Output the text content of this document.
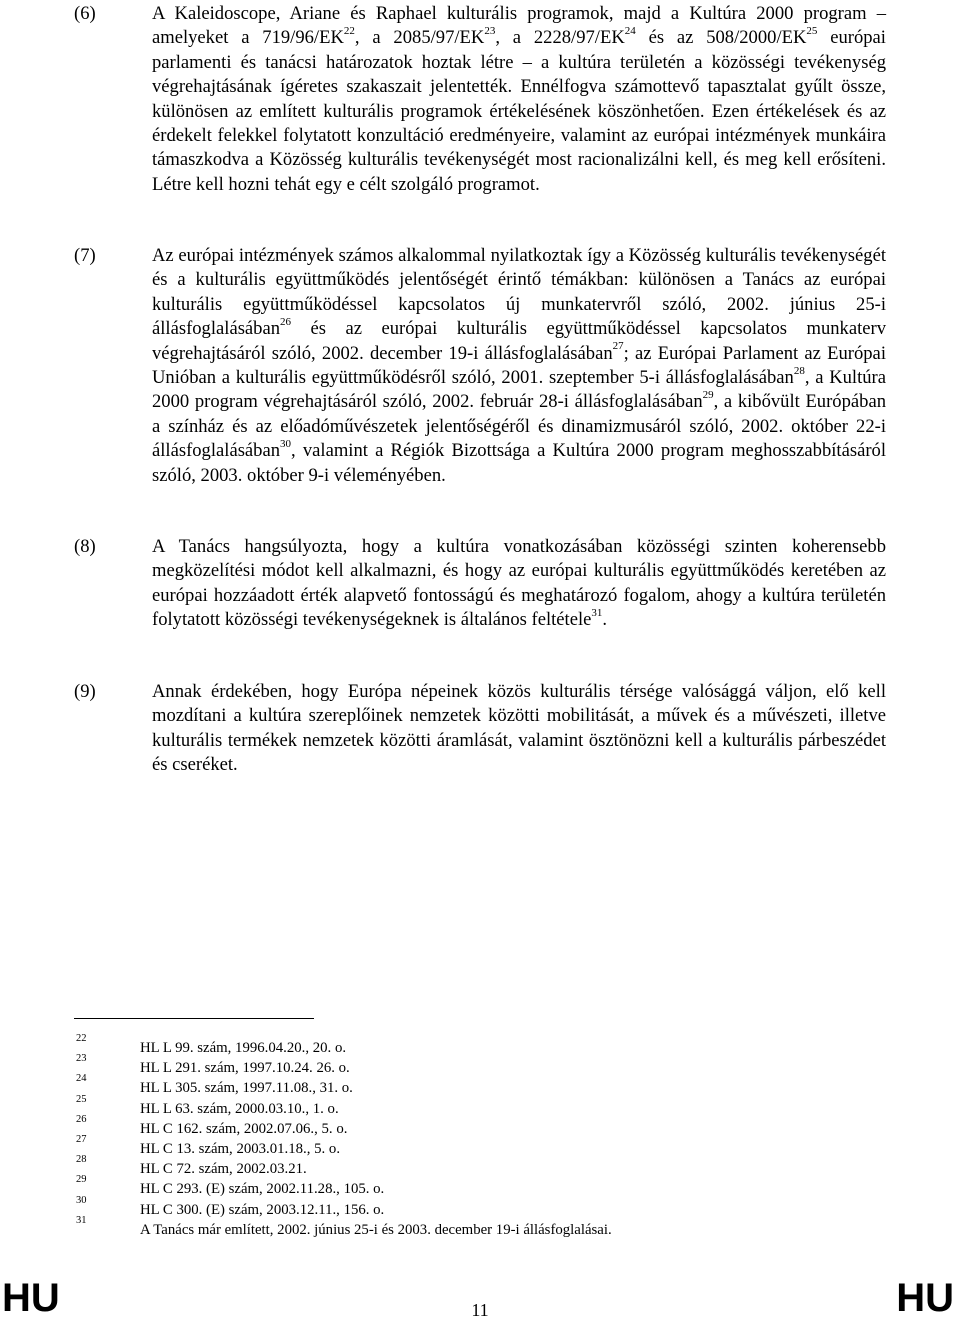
(6)	A Kaleidoscope, Ariane és Raphael kulturális programok, majd a Kultúra 2000 program – amelyeket a 719/96/EK$^{22}$, a 2085/97/EK$^{23}$, a 2228/97/EK$^{24}$ és az 508/2000/EK$^{25}$ európai parlamenti és tanácsi határozatok hoztak létre – a kultúra területén a közösségi tevékenység végrehajtásának ígéretes szakaszait jelentették. Ennélfogva számottevő tapasztalat gyűlt össze, különösen az említett kulturális programok értékelésének köszönhetően. Ezen értékelések és az érdekelt felekkel folytatott konzultáció eredményeire, valamint az európai intézmények munkáira támaszkodva a Közösség kulturális tevékenységét most racionalizálni kell, és meg kell erősíteni. Létre kell hozni tehát egy e célt szolgáló programot.
(7)	Az európai intézmények számos alkalommal nyilatkoztak így a Közösség kulturális tevékenységét és a kulturális együttműködés jelentőségét érintő témákban: különösen a Tanács az európai kulturális együttműködéssel kapcsolatos új munkatervről szóló, 2002. június 25-i állásfoglalásában$^{26}$ és az európai kulturális együttműködéssel kapcsolatos munkaterv végrehajtásáról szóló, 2002. december 19-i állásfoglalásában$^{27}$; az Európai Parlament az Európai Unióban a kulturális együttműködésről szóló, 2001. szeptember 5-i állásfoglalásában$^{28}$, a Kultúra 2000 program végrehajtásáról szóló, 2002. február 28-i állásfoglalásában$^{29}$, a kibővült Európában a színház és az előadóművészetek jelentőségéről és dinamizmusáról szóló, 2002. október 22-i állásfoglalásában$^{30}$, valamint a Régiók Bizottsága a Kultúra 2000 program meghosszabbításáról szóló, 2003. október 9-i véleményében.
(8)	A Tanács hangsúlyozta, hogy a kultúra vonatkozásában közösségi szinten koherensebb megközelítési módot kell alkalmazni, és hogy az európai kulturális együttműködés keretében az európai hozzáadott érték alapvető fontosságú és meghatározó fogalom, ahogy a kultúra területén folytatott közösségi tevékenységeknek is általános feltétele$^{31}$.
(9)	Annak érdekében, hogy Európa népeinek közös kulturális térsége valósággá váljon, elő kell mozdítani a kultúra szereplőinek nemzetek közötti mobilitását, a művek és a művészeti, illetve kulturális termékek nemzetek közötti áramlását, valamint ösztönözni kell a kulturális párbeszédet és cseréket.
22
HL L 99. szám, 1996.04.20., 20. o.
23
HL L 291. szám, 1997.10.24. 26. o.
24
HL L 305. szám, 1997.11.08., 31. o.
25
HL L 63. szám, 2000.03.10., 1. o.
26
HL C 162. szám, 2002.07.06., 5. o.
27
HL C 13. szám, 2003.01.18., 5. o.
28
HL C 72. szám, 2002.03.21.
29
HL C 293. (E) szám, 2002.11.28., 105. o.
30
HL C 300. (E) szám, 2003.12.11., 156. o.
31
A Tanács már említett, 2002. június 25-i és 2003. december 19-i állásfoglalásai.
HU	11	HU
